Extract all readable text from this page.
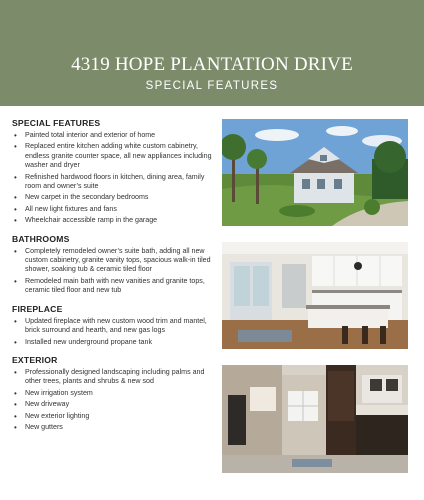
4319 HOPE PLANTATION DRIVE
SPECIAL FEATURES
SPECIAL FEATURES
• Painted total interior and exterior of home
• Replaced entire kitchen adding white custom cabinetry, endless granite counter space, all new appliances including washer and dryer
• Refinished hardwood floors in kitchen, dining area, family room and owner’s suite
• New carpet in the secondary bedrooms
• All new light fixtures and fans
• Wheelchair accessible ramp in the garage
BATHROOMS
• Completely remodeled owner’s suite bath, adding all new custom cabinetry, granite vanity tops, spacious walk-in tiled shower, soaking tub & ceramic tiled floor
• Remodeled main bath with new vanities and granite tops, ceramic tiled floor and new tub
FIREPLACE
• Updated fireplace with new custom wood trim and mantel, brick surround and hearth, and new gas logs
• Installed new underground propane tank
EXTERIOR
• Professionally designed landscaping including palms and other trees, plants and shrubs & new sod
• New irrigation system
• New driveway
• New exterior lighting
• New gutters
